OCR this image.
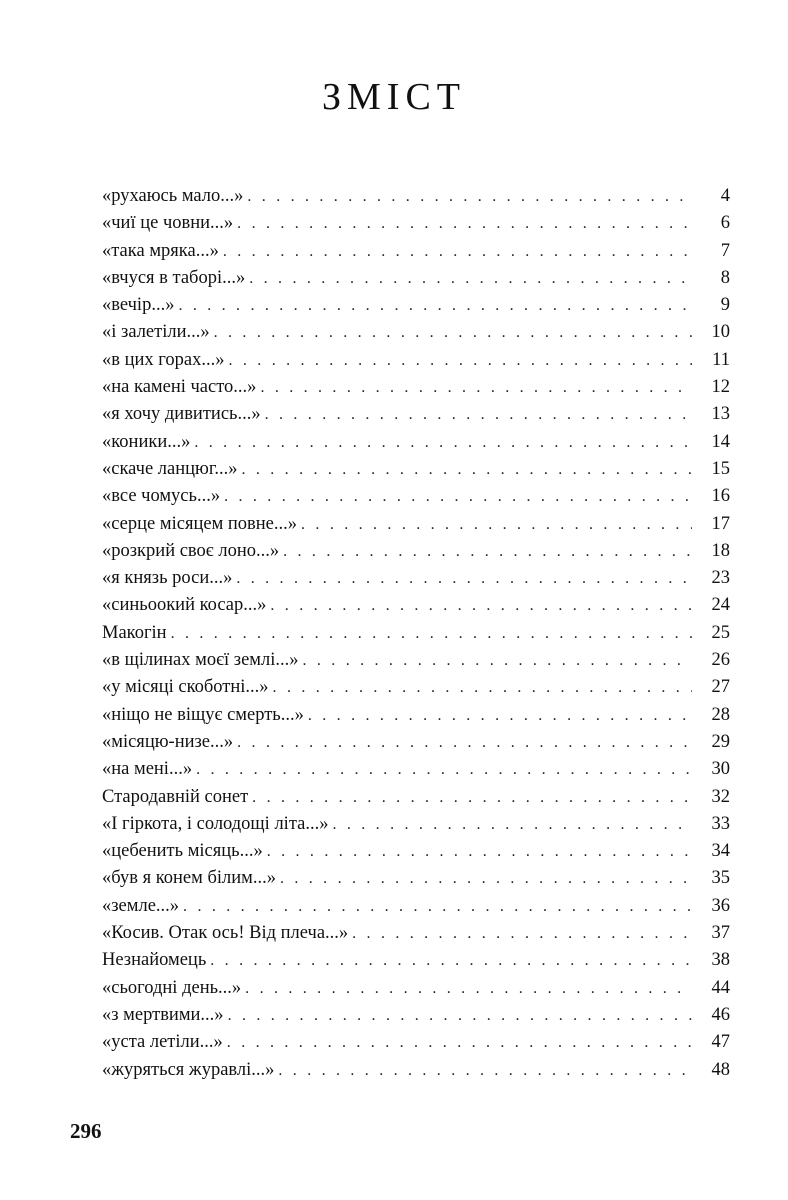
ЗМІСТ
«рухаюсь мало...» . . .	4
«чиї це човни...» . . .	6
«така мряка...» . . .	7
«вчуся в таборі...» . . .	8
«вечір...» . . .	9
«і залетіли...» . . .	10
«в цих горах...» . . .	11
«на камені часто...» . . .	12
«я хочу дивитись...» . . .	13
«коники...» . . .	14
«скаче ланцюг...» . . .	15
«все чомусь...» . . .	16
«серце місяцем повне...» . . .	17
«розкрий своє лоно...» . . .	18
«я князь роси...» . . .	23
«синьоокий косар...» . . .	24
Макогін . . .	25
«в щілинах моєї землі...» . . .	26
«у місяці скоботні...» . . .	27
«ніщо не віщує смерть...» . . .	28
«місяцю-низе...» . . .	29
«на мені...» . . .	30
Стародавній сонет . . .	32
«І гіркота, і солодощі літа...» . . .	33
«цебенить місяць...» . . .	34
«був я конем білим...» . . .	35
«земле...» . . .	36
«Косив. Отак ось! Від плеча...» . . .	37
Незнайомець . . .	38
«сьогодні день...» . . .	44
«з мертвими...» . . .	46
«уста летіли...» . . .	47
«журяться журавлі...» . . .	48

296
